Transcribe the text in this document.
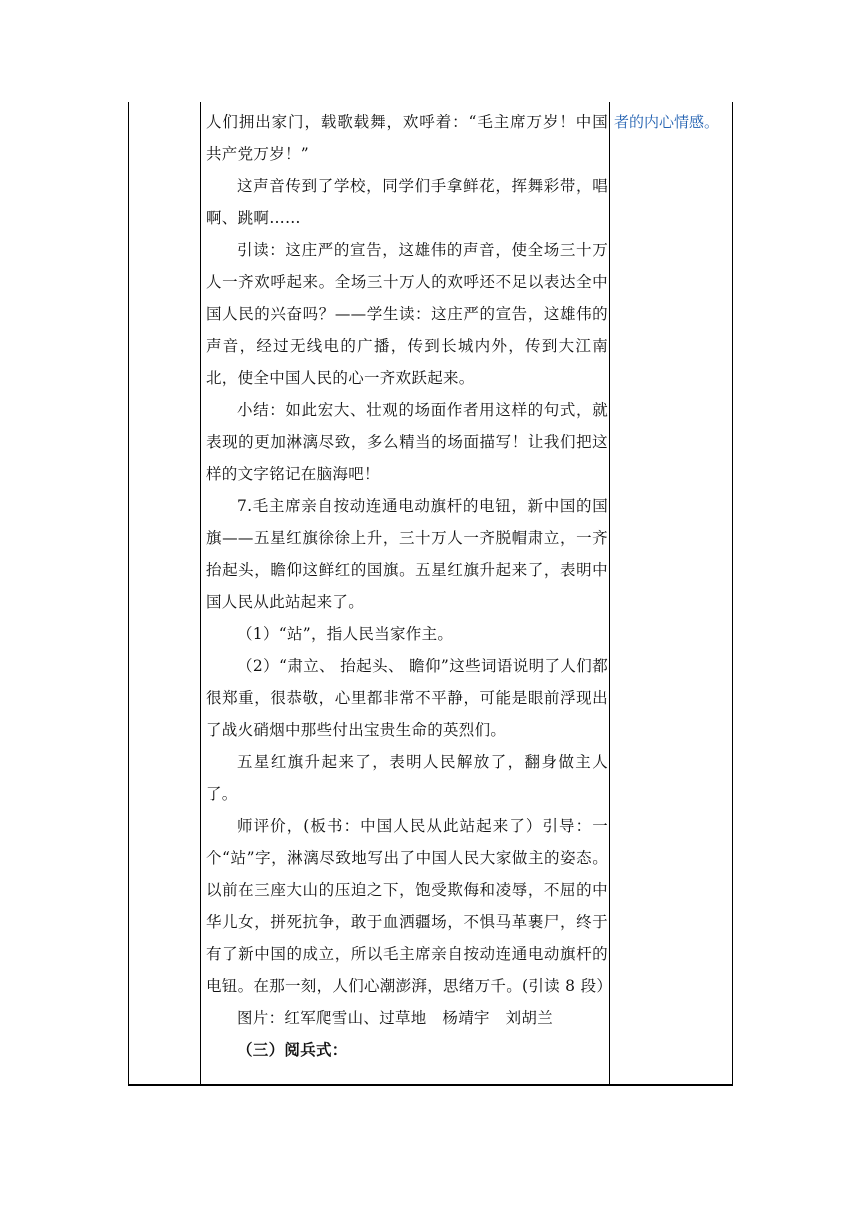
人们拥出家门，载歌载舞，欢呼着：“毛主席万岁！中国共产党万岁！”

这声音传到了学校，同学们手拿鲜花，挥舞彩带，唱啊、跳啊……

引读：这庄严的宣告，这雄伟的声音，使全场三十万人一齐欢呼起来。全场三十万人的欢呼还不足以表达全中国人民的兴奋吗？——学生读：这庄严的宣告，这雄伟的声音，经过无线电的广播，传到长城内外，传到大江南北，使全中国人民的心一齐欢跃起来。

小结：如此宏大、壮观的场面作者用这样的句式，就表现的更加淋漓尽致，多么精当的场面描写！让我们把这样的文字铭记在脑海吧！

7.毛主席亲自按动连通电动旗杆的电钮，新中国的国旗——五星红旗徐徐上升，三十万人一齐脱帽肃立，一齐抬起头，瞻仰这鲜红的国旗。五星红旗升起来了，表明中国人民从此站起来了。

（1）“站”，指人民当家作主。

（2）“肃立、 抬起头、 瞻仰”这些词语说明了人们都很郑重，很恭敬，心里都非常不平静，可能是眼前浮现出了战火硝烟中那些付出宝贵生命的英烈们。

五星红旗升起来了，表明人民解放了，翻身做主人了。

师评价，(板书：中国人民从此站起来了）引导：一个“站”字，淋漓尽致地写出了中国人民大家做主的姿态。以前在三座大山的压迫之下，饱受欺侮和凌辱，不屈的中华儿女，拼死抗争，敢于血洒疆场，不惧马革裹尸，终于有了新中国的成立，所以毛主席亲自按动连通电动旗杆的电钮。在那一刻，人们心潮澎湃，思绪万千。(引读 8 段）

图片：红军爬雪山、过草地　杨靖宇　刘胡兰

（三）阅兵式：

者的内心情感。
